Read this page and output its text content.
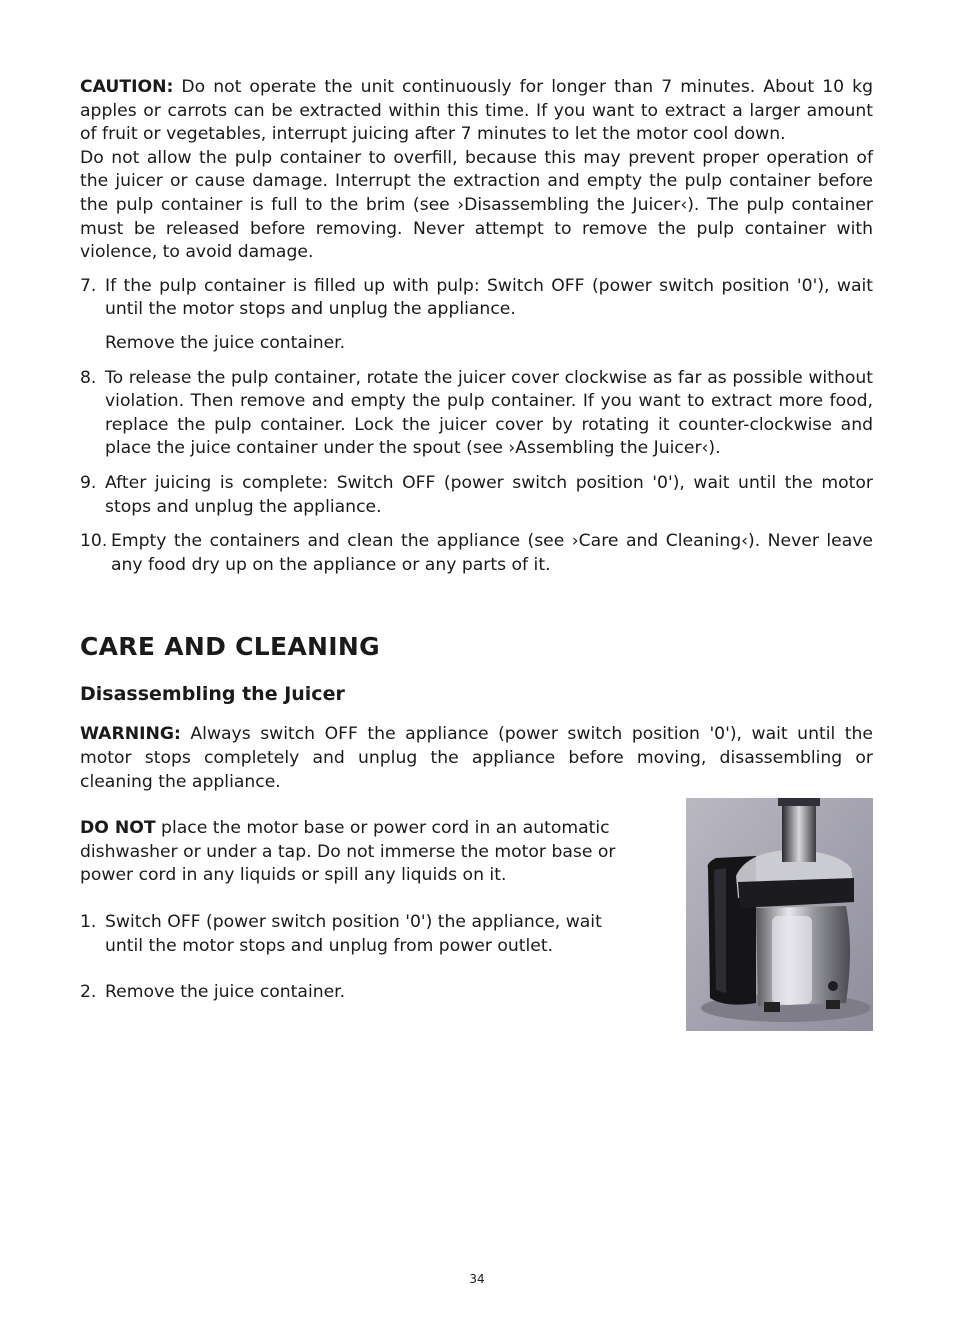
CAUTION: Do not operate the unit continuously for longer than 7 minutes. About 10 kg apples or carrots can be extracted within this time. If you want to extract a larger amount of fruit or vegetables, interrupt juicing after 7 minutes to let the motor cool down.

Do not allow the pulp container to overfill, because this may prevent proper operation of the juicer or cause damage. Interrupt the extraction and empty the pulp container before the pulp container is full to the brim (see ›Disassembling the Juicer‹). The pulp container must be released before removing. Never attempt to remove the pulp container with violence, to avoid damage.

7. If the pulp container is filled up with pulp: Switch OFF (power switch position '0'), wait until the motor stops and unplug the appliance.

Remove the juice container.

8. To release the pulp container, rotate the juicer cover clockwise as far as possible without violation. Then remove and empty the pulp container. If you want to extract more food, replace the pulp container. Lock the juicer cover by rotating it counter-clockwise and place the juice container under the spout (see ›Assembling the Juicer‹).
9. After juicing is complete: Switch OFF (power switch position '0'), wait until the motor stops and unplug the appliance.
10. Empty the containers and clean the appliance (see ›Care and Cleaning‹). Never leave any food dry up on the appliance or any parts of it.
CARE AND CLEANING
Disassembling the Juicer

WARNING: Always switch OFF the appliance (power switch position '0'), wait until the motor stops completely and unplug the appliance before moving, disassembling or cleaning the appliance.

DO NOT place the motor base or power cord in an automatic dishwasher or under a tap. Do not immerse the motor base or power cord in any liquids or spill any liquids on it.

1. Switch OFF (power switch position '0') the appliance, wait until the motor stops and unplug from power outlet.
2. Remove the juice container.
34
